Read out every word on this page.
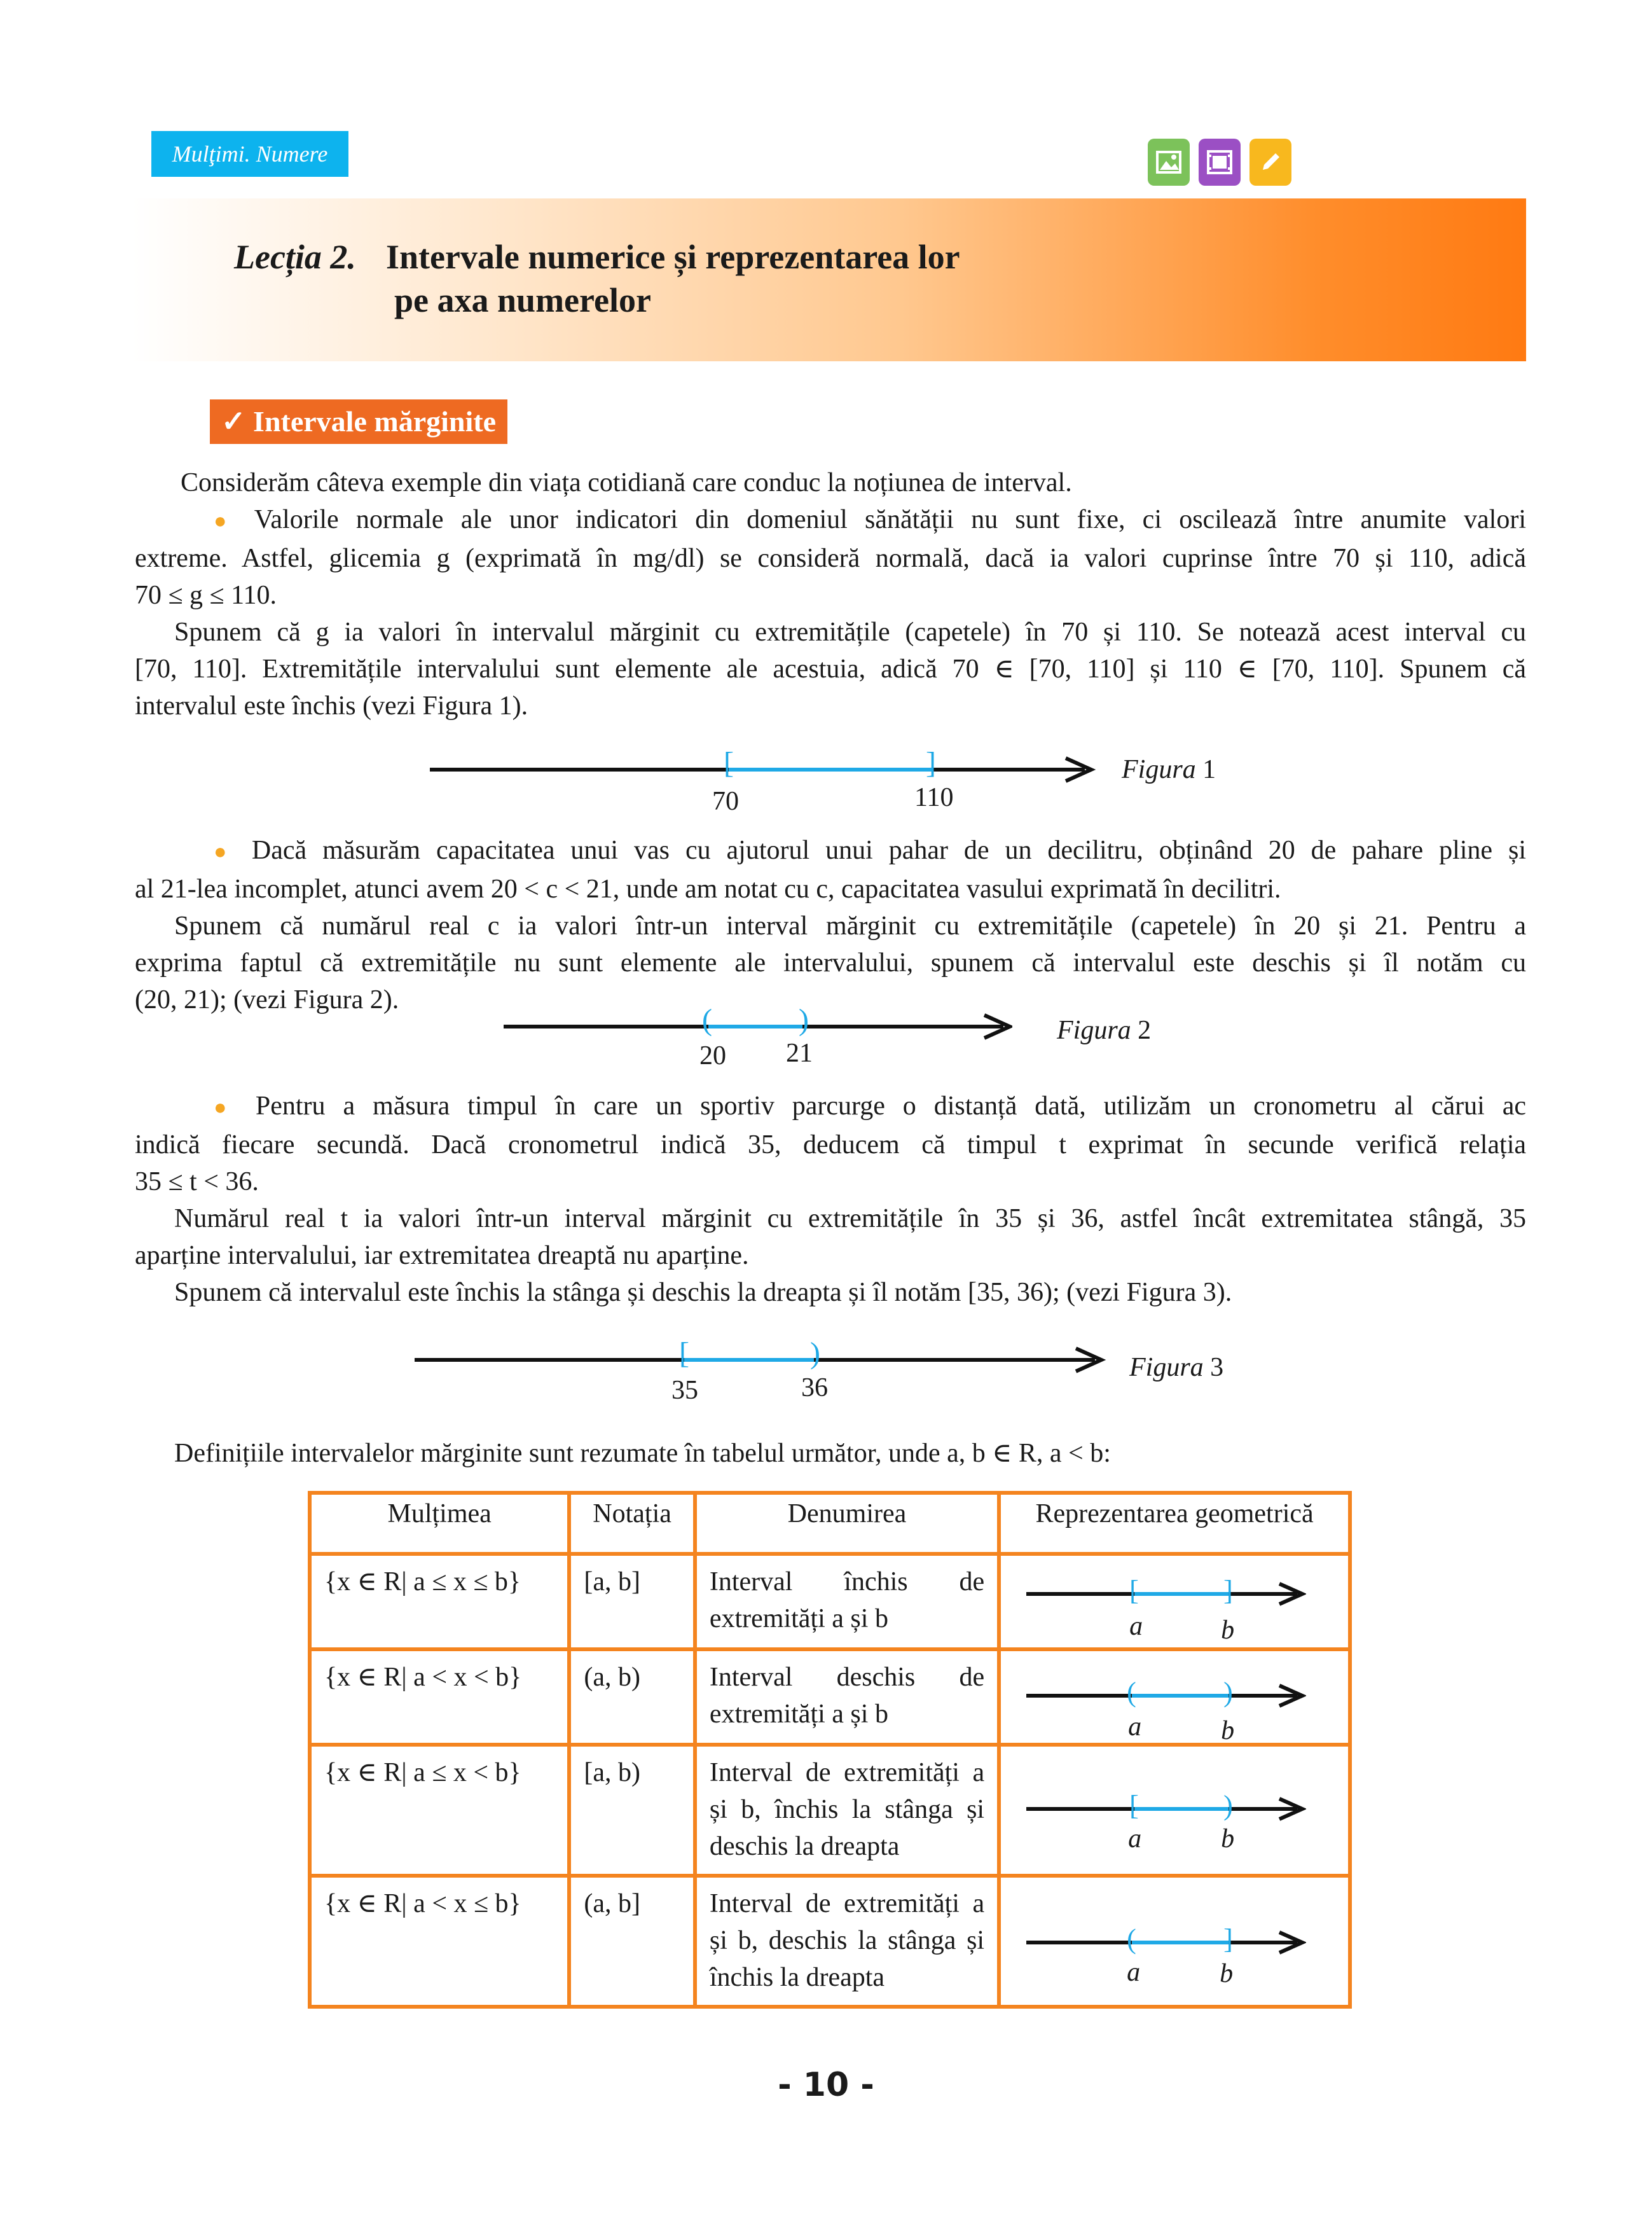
Mulţimi. Numere
Lecția 2. Intervale numerice și reprezentarea lor
pe axa numerelor
✓ Intervale mărginite
Considerăm câteva exemple din viața cotidiană care conduc la noțiunea de interval.
● Valorile normale ale unor indicatori din domeniul sănătății nu sunt fixe, ci oscilează între anumite valori
extreme. Astfel, glicemia g (exprimată în mg/dl) se consideră normală, dacă ia valori cuprinse între 70 și 110, adică
70 ≤ g ≤ 110.
Spunem că g ia valori în intervalul mărginit cu extremitățile (capetele) în 70 și 110. Se notează acest interval cu
[70, 110]. Extremitățile intervalului sunt elemente ale acestuia, adică 70 ∈ [70, 110] și 110 ∈ [70, 110]. Spunem că
intervalul este închis (vezi Figura 1).
[	]
70	110
Figura 1
● Dacă măsurăm capacitatea unui vas cu ajutorul unui pahar de un decilitru, obținând 20 de pahare pline și
al 21-lea incomplet, atunci avem 20 < c < 21, unde am notat cu c, capacitatea vasului exprimată în decilitri.
Spunem că numărul real c ia valori într-un interval mărginit cu extremitățile (capetele) în 20 și 21. Pentru a
exprima faptul că extremitățile nu sunt elemente ale intervalului, spunem că intervalul este deschis și îl notăm cu
(20, 21); (vezi Figura 2).
(	)
20 21
Figura 2
● Pentru a măsura timpul în care un sportiv parcurge o distanță dată, utilizăm un cronometru al cărui ac
indică fiecare secundă. Dacă cronometrul indică 35, deducem că timpul t exprimat în secunde verifică relația
35 ≤ t < 36.
Numărul real t ia valori într-un interval mărginit cu extremitățile în 35 și 36, astfel încât extremitatea stângă, 35
aparține intervalului, iar extremitatea dreaptă nu aparține.
Spunem că intervalul este închis la stânga și deschis la dreapta și îl notăm [35, 36); (vezi Figura 3).
[	)
35	36
Figura 3
Definițiile intervalelor mărginite sunt rezumate în tabelul următor, unde a, b ∈ R, a < b:
Mulțimea	Notația	Denumirea	Reprezentarea geometrică
{x ∈ R| a ≤ x ≤ b}	[a, b]	Interval închis de extremități a și b	[ ]
a b

{x ∈ R| a < x < b}	(a, b)	Interval deschis de extremități a și b	( )
a b

{x ∈ R| a ≤ x < b}	[a, b)	Interval de extremități a și b, închis la stânga și deschis la dreapta	[ )
a b

{x ∈ R| a < x ≤ b}	(a, b]	Interval de extremități a și b, deschis la stânga și închis la dreapta	( ]
a b
- 10 -
